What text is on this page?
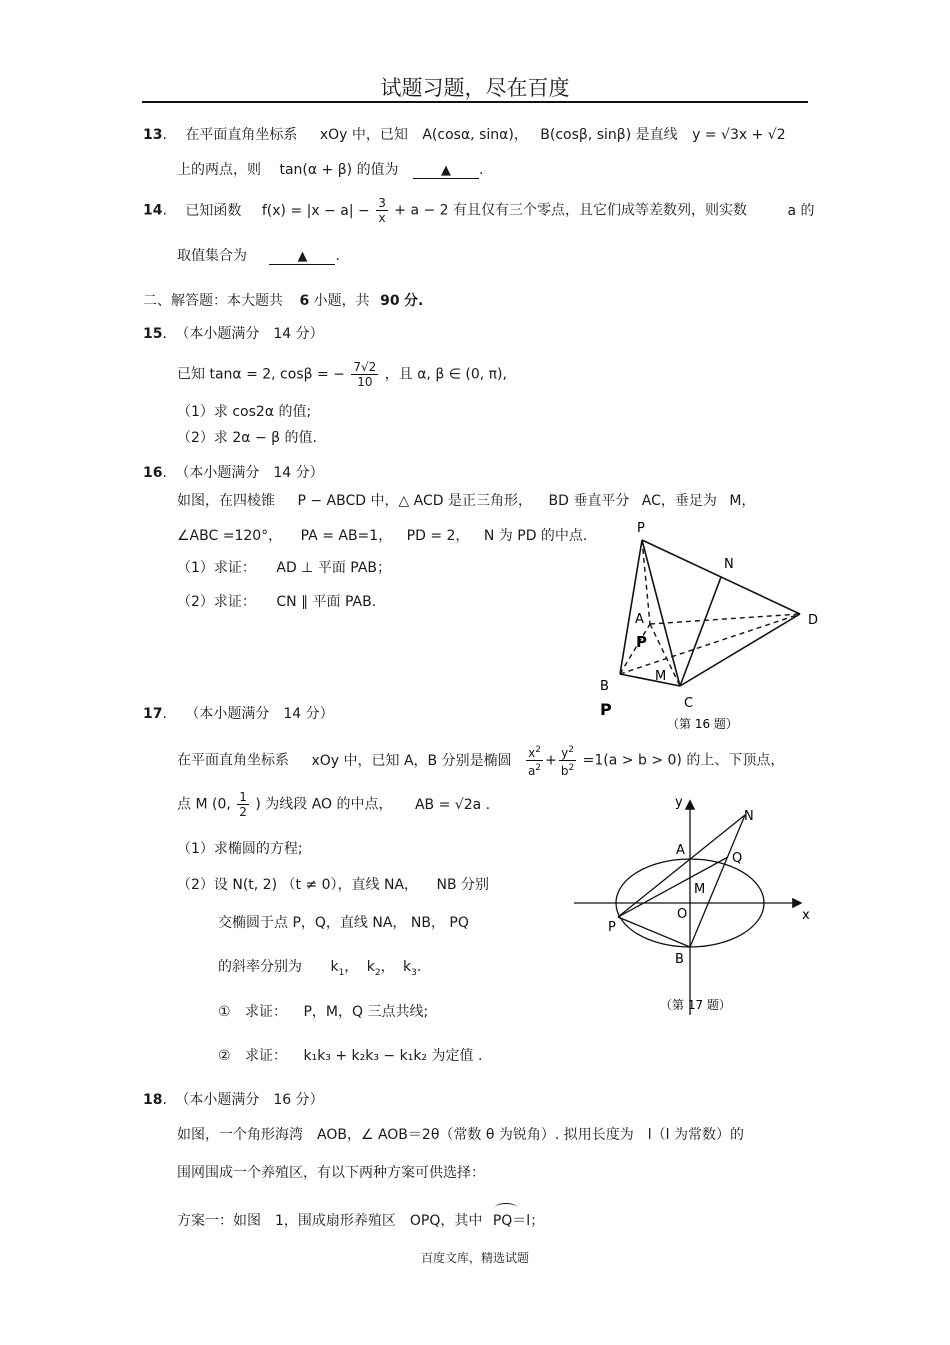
试题习题，尽在百度
13. 在平面直角坐标系 xOy 中，已知 A(cosα, sinα)， B(cosβ, sinβ) 是直线 y = √3x + √2
上的两点，则 tan(α + β) 的值为	▲ .
14. 已知函数 $f(x) = |x - a| - \frac{3}{x} + a - 2$ 有且仅有三个零点，且它们成等差数列，则实数	a 的
取值集合为	▲ .
二、解答题：本大题共 6 小题，共 90 分.
15. （本小题满分　14 分）
已知 tanα = 2, cosβ = − $\frac{7√2}{10}$ ，且 α, β ∈ (0, π),
（1）求 cos2α 的值;
（2）求 2α − β 的值.
16. （本小题满分　14 分）
如图，在四棱锥 P − ABCD 中，△ ACD 是正三角形， BD 垂直平分 AC，垂足为 M，
∠ABC =120°， PA = AB=1， PD = 2， N 为 PD 的中点.
（1）求证： AD ⊥ 平面 PAB；
（2）求证： CN ∥ 平面 PAB.
P
N
A
P
D
B
M
C
P
（第 16 题）
17. （本小题满分　14 分）
在平面直角坐标系 xOy 中，已知 A，B 分别是椭圆 $\frac{x^2}{a^2} + \frac{y^2}{b^2} =1(a > b > 0)$ 的上、下顶点，
点 M (0, $\frac{1}{2}$ ) 为线段 AO 的中点， AB = √2a .
（1）求椭圆的方程;
（2）设 N(t, 2) （t ≠ 0），直线 NA， NB 分别
交椭圆于点 P，Q，直线 NA， NB， PQ
的斜率分别为 $k_1$， $k_2$， $k_3$.
① 求证： P，M，Q 三点共线;
② 求证： k₁k₃ + k₂k₃ − k₁k₂ 为定值 .
y
x
N
A
Q
M
O
P
B
（第 17 题）
18. （本小题满分　16 分）
如图，一个角形海湾　AOB，∠ AOB＝2θ（常数 θ 为锐角）. 拟用长度为　l（l 为常数）的
围网围成一个养殖区，有以下两种方案可供选择：
方案一：如图　1，围成扇形养殖区　OPQ，其中 PQ＝l；
百度文库，精选试题
